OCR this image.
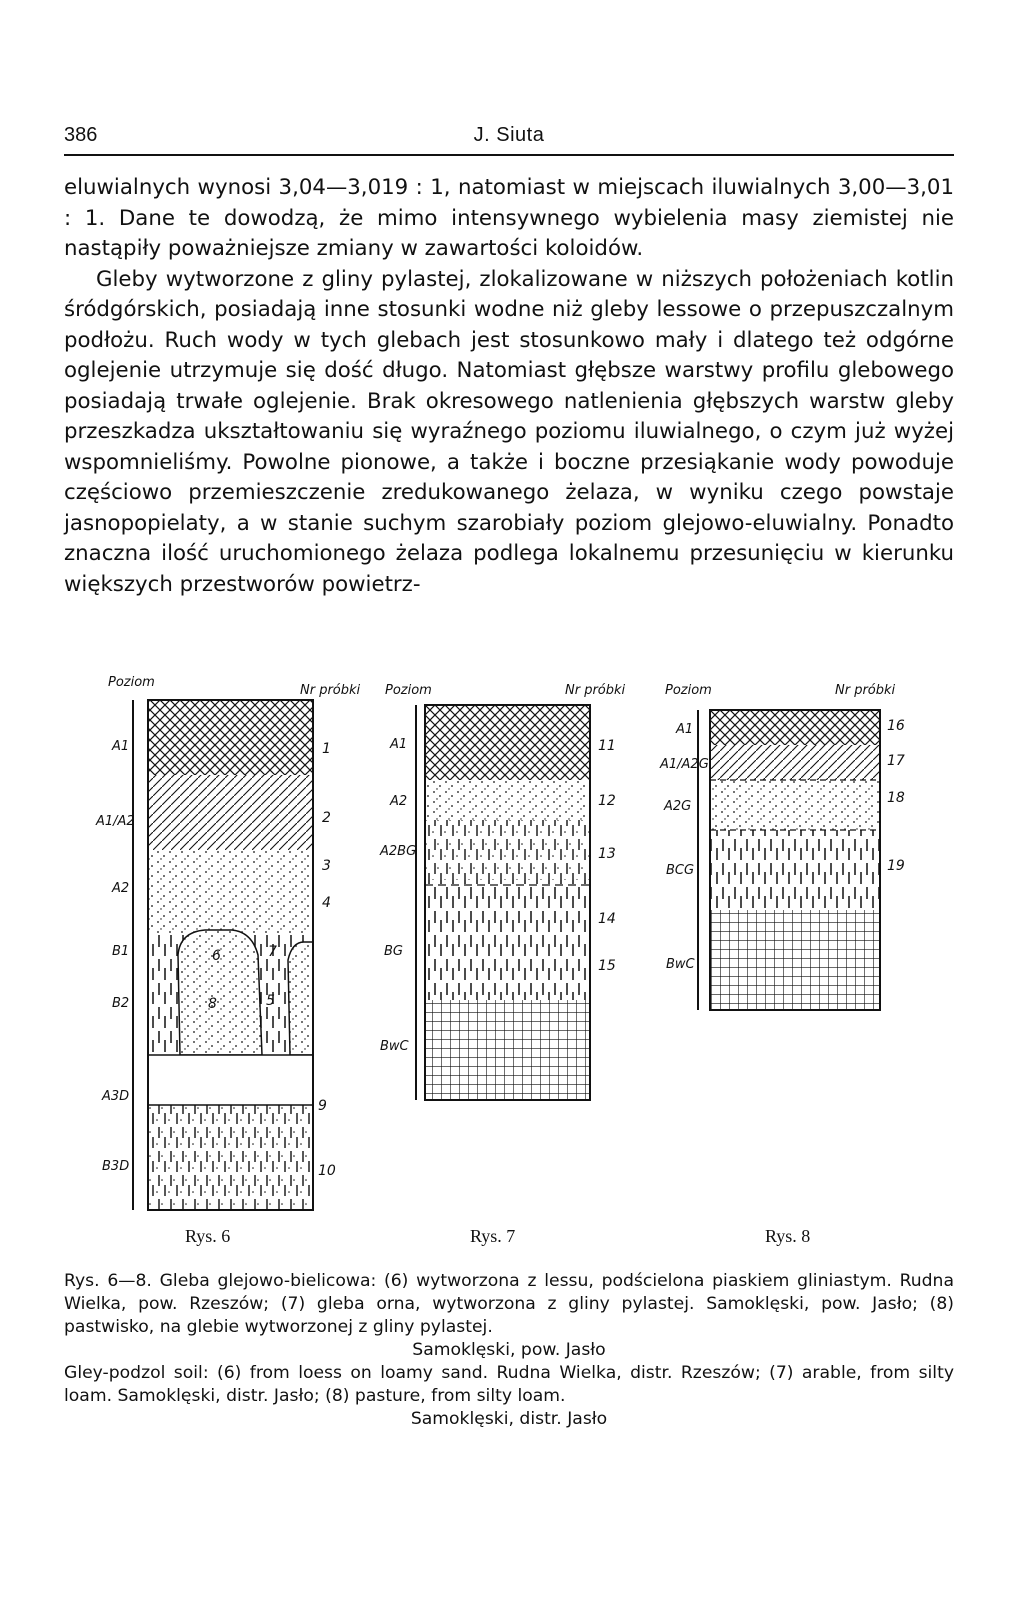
386	J. Siuta

eluwialnych wynosi 3,04—3,019 : 1, natomiast w miejscach iluwialnych 3,00—3,01 : 1. Dane te dowodzą, że mimo intensywnego wybielenia masy ziemistej nie nastąpiły poważniejsze zmiany w zawartości koloidów.

Gleby wytworzone z gliny pylastej, zlokalizowane w niższych położeniach kotlin śródgórskich, posiadają inne stosunki wodne niż gleby lessowe o przepuszczalnym podłożu. Ruch wody w tych glebach jest stosunkowo mały i dlatego też odgórne oglejenie utrzymuje się dość długo. Natomiast głębsze warstwy profilu glebowego posiadają trwałe oglejenie. Brak okresowego natlenienia głębszych warstw gleby przeszkadza ukształtowaniu się wyraźnego poziomu iluwialnego, o czym już wyżej wspomnieliśmy. Powolne pionowe, a także i boczne przesiąkanie wody powoduje częściowo przemieszczenie zredukowanego żelaza, w wyniku czego powstaje jasnopopielaty, a w stanie suchym szarobiały poziom glejowo-eluwialny. Ponadto znaczna ilość uruchomionego żelaza podlega lokalnemu przesunięciu w kierunku większych przestworów powietrz-

Poziom
Nr próbki
A1
A1/A2
A2
B1
B2
A3D
B3D
1
2
3
4
5
6	7
8
9
10
Rys. 6
Poziom	Nr próbki
A1
A2
A2BG
BG
BwC
11
12
13
14
15
Rys. 7
Poziom	Nr próbki
A1
A1/A2G
A2G
BCG
BwC
16
17
18
19
Rys. 8

Rys. 6—8. Gleba glejowo-bielicowa: (6) wytworzona z lessu, podścielona piaskiem gliniastym. Rudna Wielka, pow. Rzeszów; (7) gleba orna, wytworzona z gliny pylastej. Samoklęski, pow. Jasło; (8) pastwisko, na glebie wytworzonej z gliny pylastej.

Samoklęski, pow. Jasło

Gley-podzol soil: (6) from loess on loamy sand. Rudna Wielka, distr. Rzeszów; (7) arable, from silty loam. Samoklęski, distr. Jasło; (8) pasture, from silty loam.

Samoklęski, distr. Jasło
